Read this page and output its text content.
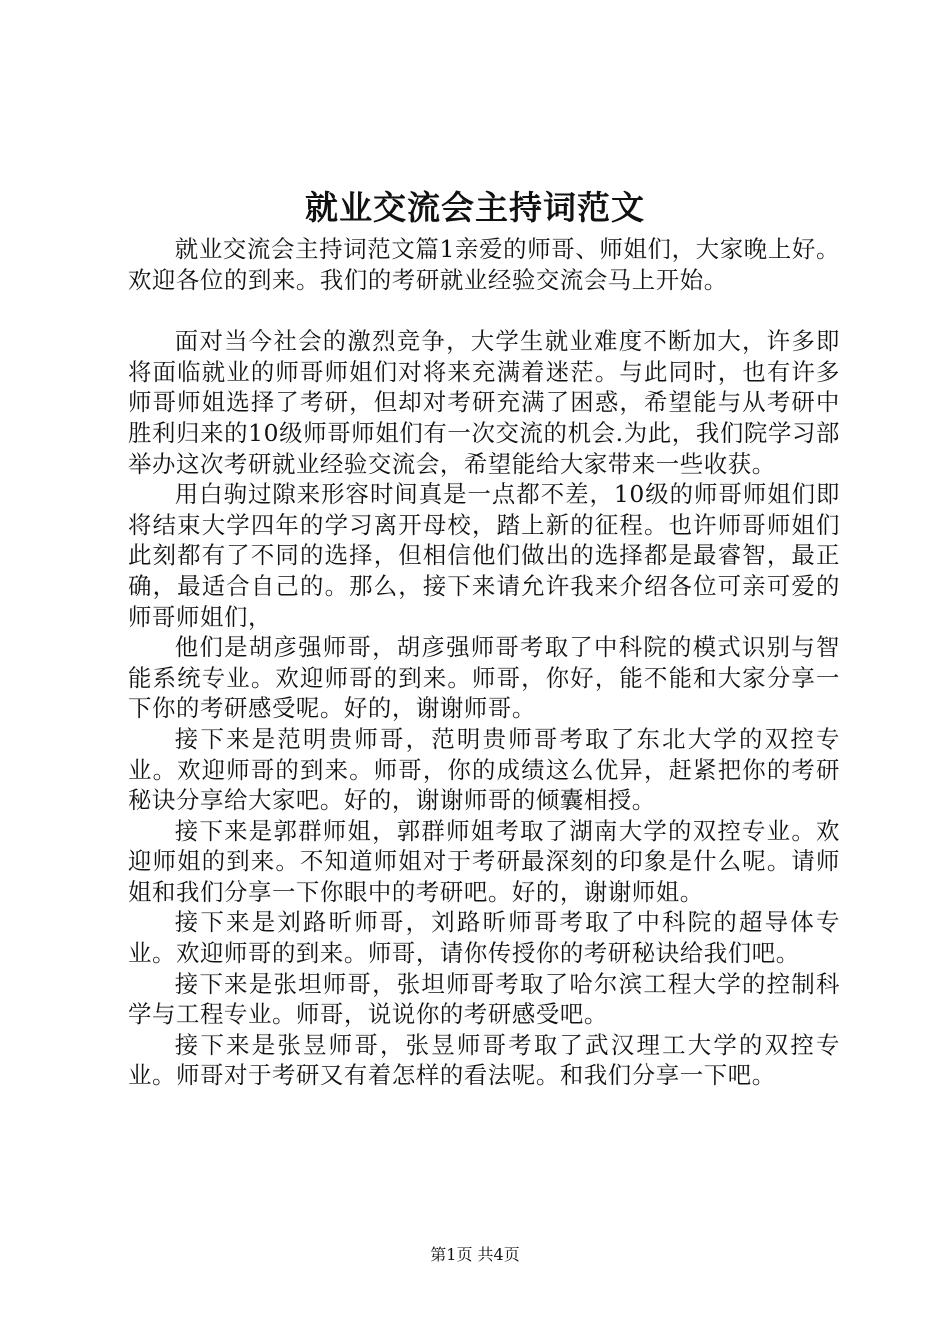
就业交流会主持词范文

就业交流会主持词范文篇1亲爱的师哥、师姐们，大家晚上好。欢迎各位的到来。我们的考研就业经验交流会马上开始。

面对当今社会的激烈竞争，大学生就业难度不断加大，许多即将面临就业的师哥师姐们对将来充满着迷茫。与此同时，也有许多师哥师姐选择了考研，但却对考研充满了困惑，希望能与从考研中胜利归来的10级师哥师姐们有一次交流的机会.为此，我们院学习部举办这次考研就业经验交流会，希望能给大家带来一些收获。

用白驹过隙来形容时间真是一点都不差，10级的师哥师姐们即将结束大学四年的学习离开母校，踏上新的征程。也许师哥师姐们此刻都有了不同的选择，但相信他们做出的选择都是最睿智，最正确，最适合自己的。那么，接下来请允许我来介绍各位可亲可爱的师哥师姐们，

他们是胡彦强师哥，胡彦强师哥考取了中科院的模式识别与智能系统专业。欢迎师哥的到来。师哥，你好，能不能和大家分享一下你的考研感受呢。好的，谢谢师哥。

接下来是范明贵师哥，范明贵师哥考取了东北大学的双控专业。欢迎师哥的到来。师哥，你的成绩这么优异，赶紧把你的考研秘诀分享给大家吧。好的，谢谢师哥的倾囊相授。

接下来是郭群师姐，郭群师姐考取了湖南大学的双控专业。欢迎师姐的到来。不知道师姐对于考研最深刻的印象是什么呢。请师姐和我们分享一下你眼中的考研吧。好的，谢谢师姐。

接下来是刘路昕师哥，刘路昕师哥考取了中科院的超导体专业。欢迎师哥的到来。师哥，请你传授你的考研秘诀给我们吧。

接下来是张坦师哥，张坦师哥考取了哈尔滨工程大学的控制科学与工程专业。师哥，说说你的考研感受吧。

接下来是张昱师哥，张昱师哥考取了武汉理工大学的双控专业。师哥对于考研又有着怎样的看法呢。和我们分享一下吧。

第1页 共4页
